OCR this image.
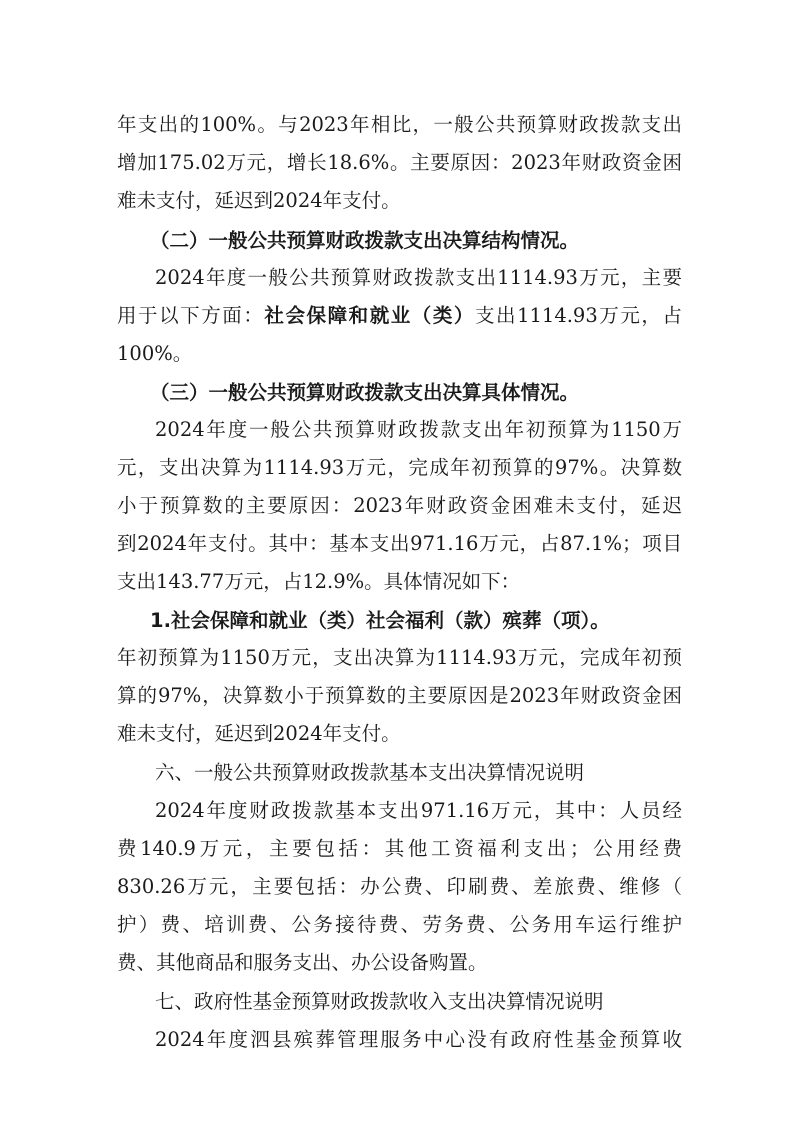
年支出的100%。与2023年相比，一般公共预算财政拨款支出
增加175.02万元，增长18.6%。主要原因：2023年财政资金困
难未支付，延迟到2024年支付。
（二）一般公共预算财政拨款支出决算结构情况。
2024年度一般公共预算财政拨款支出1114.93万元，主要
用于以下方面：社会保障和就业（类）支出1114.93万元，占
100%。
（三）一般公共预算财政拨款支出决算具体情况。
2024年度一般公共预算财政拨款支出年初预算为1150万
元，支出决算为1114.93万元，完成年初预算的97%。决算数
小于预算数的主要原因：2023年财政资金困难未支付，延迟
到2024年支付。其中：基本支出971.16万元，占87.1%；项目
支出143.77万元，占12.9%。具体情况如下：
1.社会保障和就业（类）社会福利（款）殡葬（项）。
年初预算为1150万元，支出决算为1114.93万元，完成年初预
算的97%，决算数小于预算数的主要原因是2023年财政资金困
难未支付，延迟到2024年支付。
六、一般公共预算财政拨款基本支出决算情况说明
2024年度财政拨款基本支出971.16万元，其中：人员经
费140.9万元，主要包括：其他工资福利支出；公用经费
830.26万元，主要包括：办公费、印刷费、差旅费、维修（
护）费、培训费、公务接待费、劳务费、公务用车运行维护
费、其他商品和服务支出、办公设备购置。
七、政府性基金预算财政拨款收入支出决算情况说明
2024年度泗县殡葬管理服务中心没有政府性基金预算收
